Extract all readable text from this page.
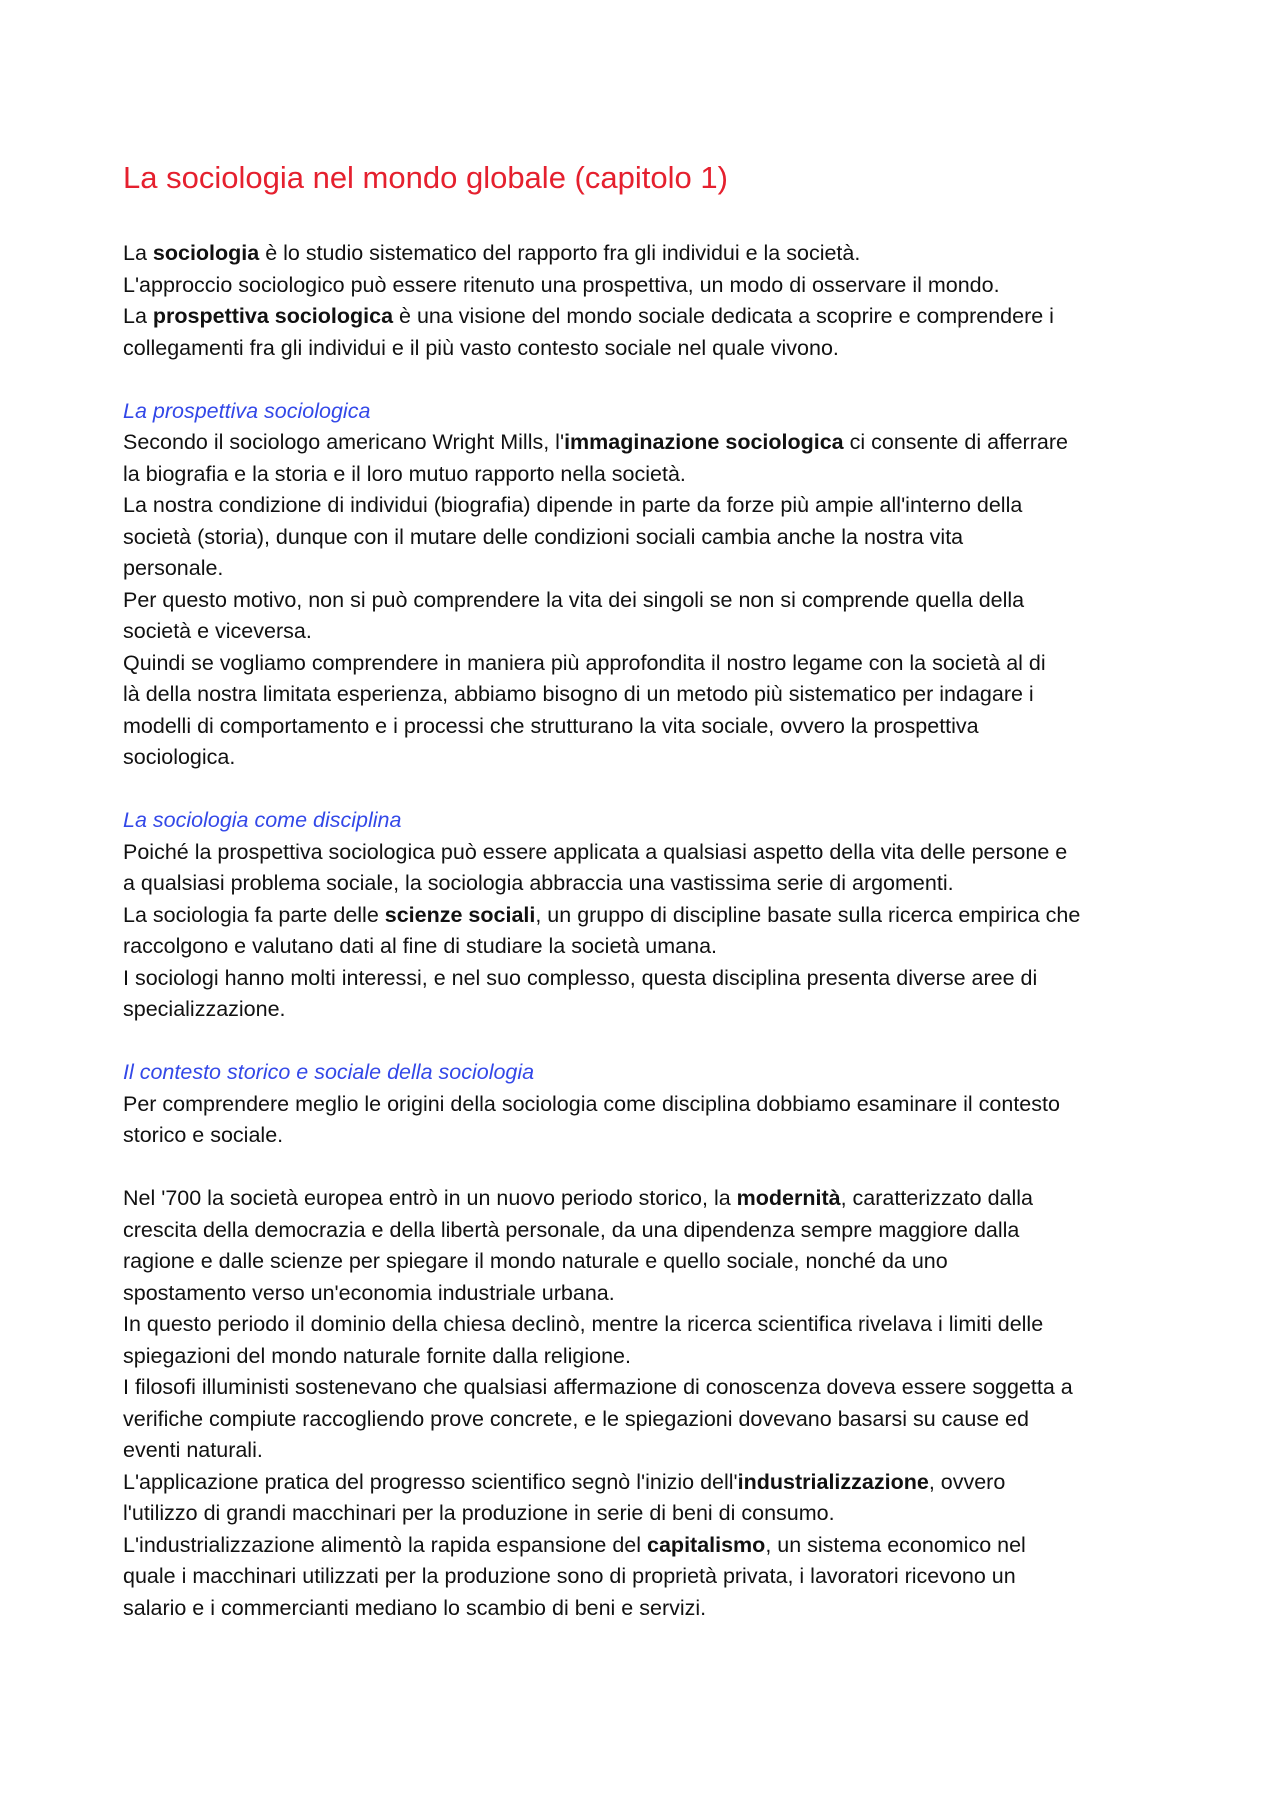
La sociologia nel mondo globale (capitolo 1)

La sociologia è lo studio sistematico del rapporto fra gli individui e la società.

L'approccio sociologico può essere ritenuto una prospettiva, un modo di osservare il mondo.

La prospettiva sociologica è una visione del mondo sociale dedicata a scoprire e comprendere i

collegamenti fra gli individui e il più vasto contesto sociale nel quale vivono.

La prospettiva sociologica

Secondo il sociologo americano Wright Mills, l'immaginazione sociologica ci consente di afferrare

la biografia e la storia e il loro mutuo rapporto nella società.

La nostra condizione di individui (biografia) dipende in parte da forze più ampie all'interno della

società (storia), dunque con il mutare delle condizioni sociali cambia anche la nostra vita

personale.

Per questo motivo, non si può comprendere la vita dei singoli se non si comprende quella della

società e viceversa.

Quindi se vogliamo comprendere in maniera più approfondita il nostro legame con la società al di

là della nostra limitata esperienza, abbiamo bisogno di un metodo più sistematico per indagare i

modelli di comportamento e i processi che strutturano la vita sociale, ovvero la prospettiva

sociologica.

La sociologia come disciplina

Poiché la prospettiva sociologica può essere applicata a qualsiasi aspetto della vita delle persone e

a qualsiasi problema sociale, la sociologia abbraccia una vastissima serie di argomenti.

La sociologia fa parte delle scienze sociali, un gruppo di discipline basate sulla ricerca empirica che

raccolgono e valutano dati al fine di studiare la società umana.

I sociologi hanno molti interessi, e nel suo complesso, questa disciplina presenta diverse aree di

specializzazione.

Il contesto storico e sociale della sociologia

Per comprendere meglio le origini della sociologia come disciplina dobbiamo esaminare il contesto

storico e sociale.

Nel '700 la società europea entrò in un nuovo periodo storico, la modernità, caratterizzato dalla

crescita della democrazia e della libertà personale, da una dipendenza sempre maggiore dalla

ragione e dalle scienze per spiegare il mondo naturale e quello sociale, nonché da uno

spostamento verso un'economia industriale urbana.

In questo periodo il dominio della chiesa declinò, mentre la ricerca scientifica rivelava i limiti delle

spiegazioni del mondo naturale fornite dalla religione.

I filosofi illuministi sostenevano che qualsiasi affermazione di conoscenza doveva essere soggetta a

verifiche compiute raccogliendo prove concrete, e le spiegazioni dovevano basarsi su cause ed

eventi naturali.

L'applicazione pratica del progresso scientifico segnò l'inizio dell'industrializzazione, ovvero

l'utilizzo di grandi macchinari per la produzione in serie di beni di consumo.

L'industrializzazione alimentò la rapida espansione del capitalismo, un sistema economico nel

quale i macchinari utilizzati per la produzione sono di proprietà privata, i lavoratori ricevono un

salario e i commercianti mediano lo scambio di beni e servizi.
